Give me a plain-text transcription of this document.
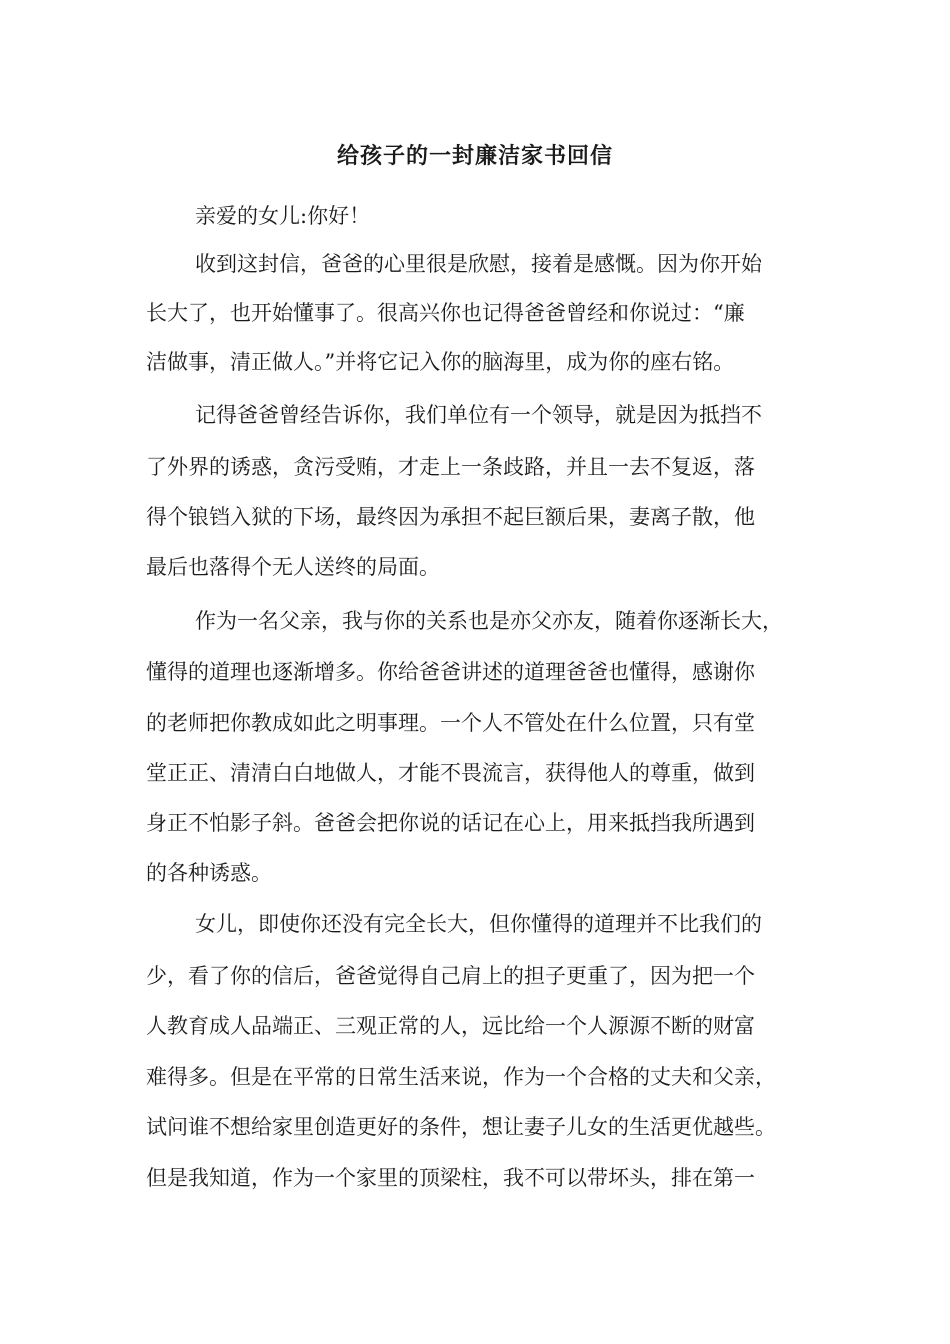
给孩子的一封廉洁家书回信

亲爱的女儿:你好！

收到这封信，爸爸的心里很是欣慰，接着是感慨。因为你开始

长大了，也开始懂事了。很高兴你也记得爸爸曾经和你说过：“廉

洁做事，清正做人。”并将它记入你的脑海里，成为你的座右铭。

记得爸爸曾经告诉你，我们单位有一个领导，就是因为抵挡不

了外界的诱惑，贪污受贿，才走上一条歧路，并且一去不复返，落

得个锒铛入狱的下场，最终因为承担不起巨额后果，妻离子散，他

最后也落得个无人送终的局面。

作为一名父亲，我与你的关系也是亦父亦友，随着你逐渐长大，

懂得的道理也逐渐增多。你给爸爸讲述的道理爸爸也懂得，感谢你

的老师把你教成如此之明事理。一个人不管处在什么位置，只有堂

堂正正、清清白白地做人，才能不畏流言，获得他人的尊重，做到

身正不怕影子斜。爸爸会把你说的话记在心上，用来抵挡我所遇到

的各种诱惑。

女儿，即使你还没有完全长大，但你懂得的道理并不比我们的

少，看了你的信后，爸爸觉得自己肩上的担子更重了，因为把一个

人教育成人品端正、三观正常的人，远比给一个人源源不断的财富

难得多。但是在平常的日常生活来说，作为一个合格的丈夫和父亲，

试问谁不想给家里创造更好的条件，想让妻子儿女的生活更优越些。

但是我知道，作为一个家里的顶梁柱，我不可以带坏头，排在第一
